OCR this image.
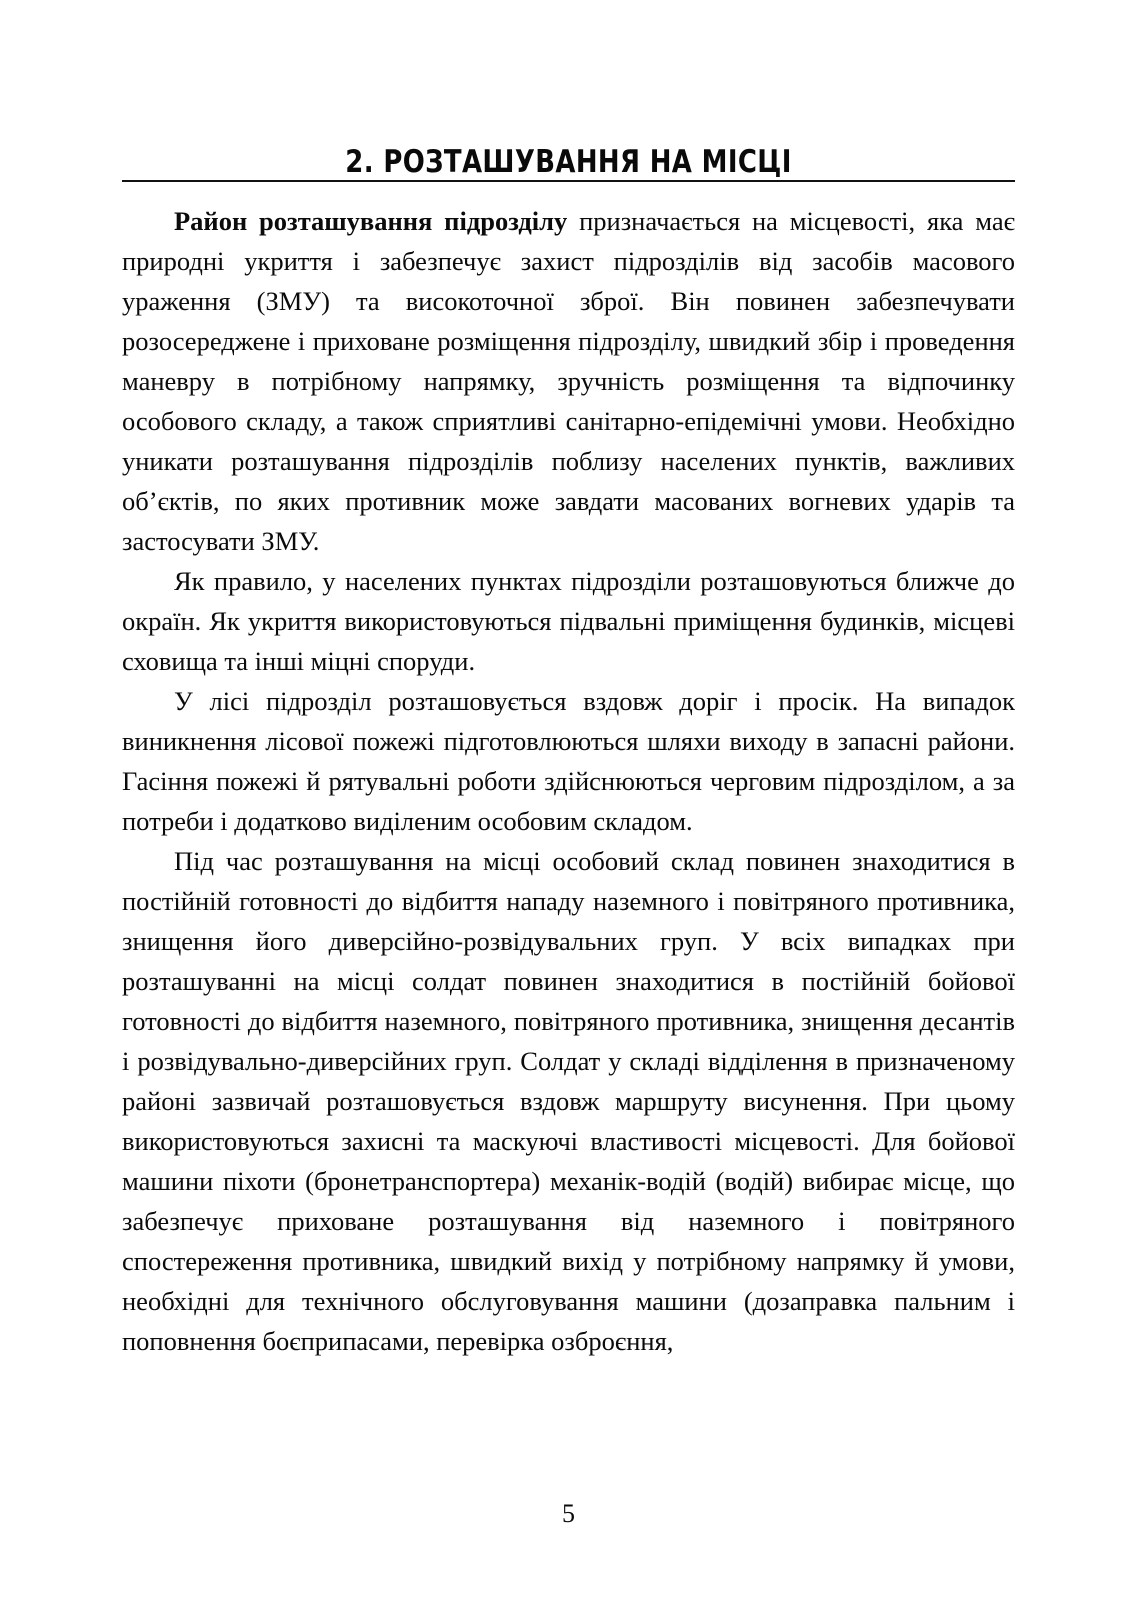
2. РОЗТАШУВАННЯ НА МІСЦІ

Район розташування підрозділу призначається на місцевості, яка має природні укриття і забезпечує захист підрозділів від засобів масового ураження (ЗМУ) та високоточної зброї. Він повинен забезпечувати розосереджене і приховане розміщення підрозділу, швидкий збір і проведення маневру в потрібному напрямку, зручність розміщення та відпочинку особового складу, а також сприятливі санітарно-епідемічні умови. Необхідно уникати розташування підрозділів поблизу населених пунктів, важливих об’єктів, по яких противник може завдати масованих вогневих ударів та застосувати ЗМУ.

Як правило, у населених пунктах підрозділи розташовуються ближче до окраїн. Як укриття використовуються підвальні приміщення будинків, місцеві сховища та інші міцні споруди.

У лісі підрозділ розташовується вздовж доріг і просік. На випадок виникнення лісової пожежі підготовлюються шляхи виходу в запасні райони. Гасіння пожежі й рятувальні роботи здійснюються черговим підрозділом, а за потреби і додатково виділеним особовим складом.

Під час розташування на місці особовий склад повинен знаходитися в постійній готовності до відбиття нападу наземного і повітряного противника, знищення його диверсійно-розвідувальних груп. У всіх випадках при розташуванні на місці солдат повинен знаходитися в постійній бойової готовності до відбиття наземного, повітряного противника, знищення десантів і розвідувально-диверсійних груп. Солдат у складі відділення в призначеному районі зазвичай розташовується вздовж маршруту висунення. При цьому використовуються захисні та маскуючі властивості місцевості. Для бойової машини піхоти (бронетранспортера) механік-водій (водій) вибирає місце, що забезпечує приховане розташування від наземного і повітряного спостереження противника, швидкий вихід у потрібному напрямку й умови, необхідні для технічного обслуговування машини (дозаправка пальним і поповнення боєприпасами, перевірка озброєння,

5
